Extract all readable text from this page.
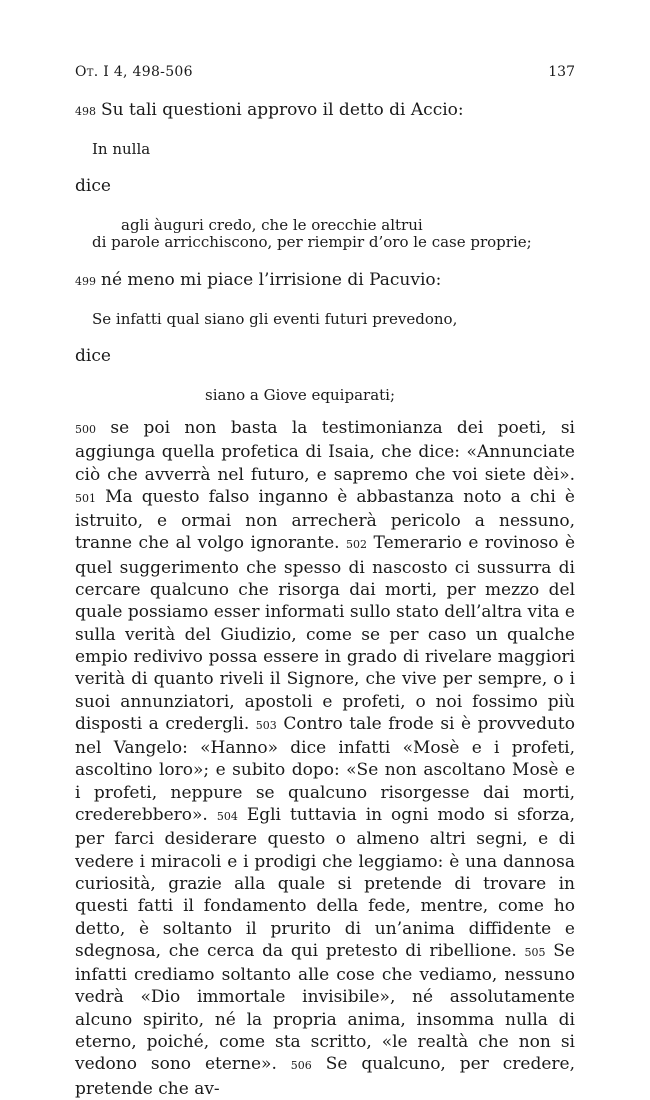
Ot. I 4, 498-506	137
498 Su tali questioni approvo il detto di Accio:
In nulla
dice
agli àuguri credo, che le orecchie altrui
di parole arricchiscono, per riempir d’oro le case proprie;
499 né meno mi piace l’irrisione di Pacuvio:
Se infatti qual siano gli eventi futuri prevedono,
dice
siano a Giove equiparati;

500 se poi non basta la testimonianza dei poeti, si aggiunga quella profetica di Isaia, che dice: «Annunciate ciò che avverrà nel futuro, e sapremo che voi siete dèi». 501 Ma questo falso inganno è abbastanza noto a chi è istruito, e ormai non arrecherà pericolo a nessuno, tranne che al volgo ignorante. 502 Temerario e rovinoso è quel suggerimento che spesso di nascosto ci sussurra di cercare qualcuno che risorga dai morti, per mezzo del quale possiamo esser informati sullo stato dell’altra vita e sulla verità del Giudizio, come se per caso un qualche empio redivivo possa essere in grado di rivelare maggiori verità di quanto riveli il Signore, che vive per sempre, o i suoi annunziatori, apostoli e profeti, o noi fossimo più disposti a credergli. 503 Contro tale frode si è provveduto nel Vangelo: «Hanno» dice infatti «Mosè e i profeti, ascoltino loro»; e subito dopo: «Se non ascoltano Mosè e i profeti, neppure se qualcuno risorgesse dai morti, crederebbero». 504 Egli tuttavia in ogni modo si sforza, per farci desiderare questo o almeno altri segni, e di vedere i miracoli e i prodigi che leggiamo: è una dannosa curiosità, grazie alla quale si pretende di trovare in questi fatti il fondamento della fede, mentre, come ho detto, è soltanto il prurito di un’anima diffidente e sdegnosa, che cerca da qui pretesto di ribellione. 505 Se infatti crediamo soltanto alle cose che vediamo, nessuno vedrà «Dio immortale invisibile», né assolutamente alcuno spirito, né la propria anima, insomma nulla di eterno, poiché, come sta scritto, «le realtà che non si vedono sono eterne». 506 Se qualcuno, per credere, pretende che av-
